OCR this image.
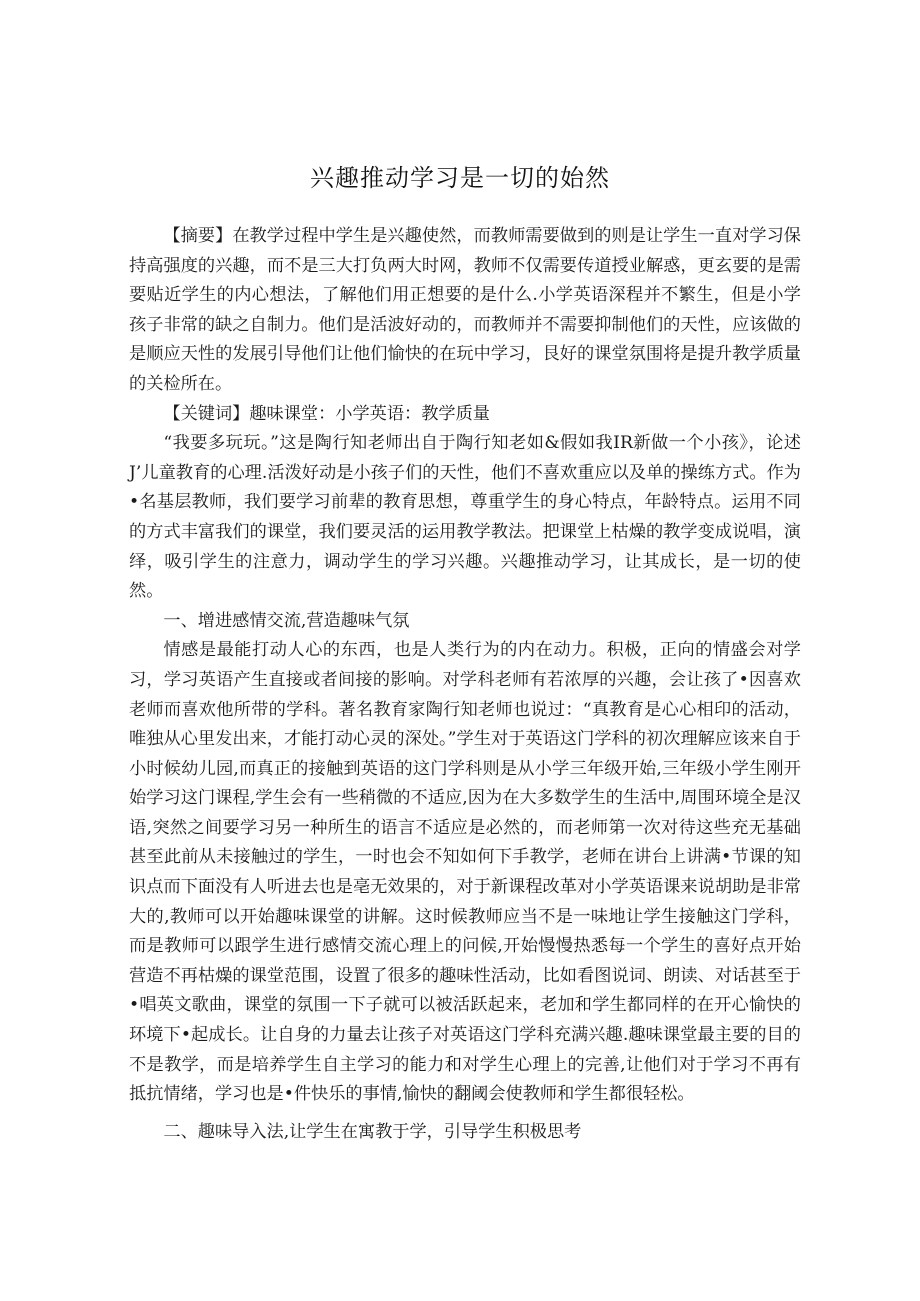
兴趣推动学习是一切的始然

【摘要】在教学过程中学生是兴趣使然，而教师需要做到的则是让学生一直对学习保持高强度的兴趣，而不是三大打负两大时网，教师不仅需要传道授业解惑，更玄要的是需要贴近学生的内心想法，了解他们用正想要的是什么.小学英语深程并不繁生，但是小学孩子非常的缺之自制力。他们是活波好动的，而教师并不需要抑制他们的天性，应该做的是顺应天性的发展引导他们让他们愉快的在玩中学习，艮好的课堂氛围将是提升教学质量的关检所在。

【关键词】趣味课堂：小学英语：教学质量

“我要多玩玩。”这是陶行知老师出自于陶行知老如&假如我IR新做一个小孩》，论述J’儿童教育的心理.活泼好动是小孩子们的天性，他们不喜欢重应以及单的操练方式。作为•名基层教师，我们要学习前辈的教育思想，尊重学生的身心特点，年龄特点。运用不同的方式丰富我们的课堂，我们要灵活的运用教学教法。把课堂上枯燥的教学变成说唱，演绎，吸引学生的注意力，调动学生的学习兴趣。兴趣推动学习，让其成长，是一切的使然。

一、增进感情交流,营造趣味气氛

情感是最能打动人心的东西，也是人类行为的内在动力。积极，正向的情盛会对学习，学习英语产生直接或者间接的影响。对学科老师有若浓厚的兴趣，会让孩了•因喜欢老师而喜欢他所带的学科。著名教育家陶行知老师也说过：“真教育是心心相印的活动，唯独从心里发出来，才能打动心灵的深处。”学生对于英语这门学科的初次理解应该来自于小时候幼儿园,而真正的接触到英语的这门学科则是从小学三年级开始,三年级小学生刚开始学习这门课程,学生会有一些稍微的不适应,因为在大多数学生的生活中,周围环境全是汉语,突然之间要学习另一种所生的语言不适应是必然的，而老师第一次对待这些充无基础甚至此前从未接触过的学生，一时也会不知如何下手教学，老师在讲台上讲满•节课的知识点而下面没有人听进去也是亳无效果的，对于新课程改革对小学英语课来说胡助是非常大的,教师可以开始趣味课堂的讲解。这时候教师应当不是一味地让学生接触这门学科，而是教师可以跟学生进行感情交流心理上的问候,开始慢慢热悉每一个学生的喜好点开始营造不再枯燥的课堂范围，设置了很多的趣味性活动，比如看图说词、朗读、对话甚至于•唱英文歌曲，课堂的氛围一下子就可以被活跃起来，老加和学生都同样的在开心愉快的环境下•起成长。让自身的力量去让孩子对英语这门学科充满兴趣.趣味课堂最主要的目的不是教学，而是培养学生自主学习的能力和对学生心理上的完善,让他们对于学习不再有抵抗情绪，学习也是•件快乐的事情,愉快的翻阈会使教师和学生都很轻松。

二、趣味导入法,让学生在寓教于学，引导学生积极思考
